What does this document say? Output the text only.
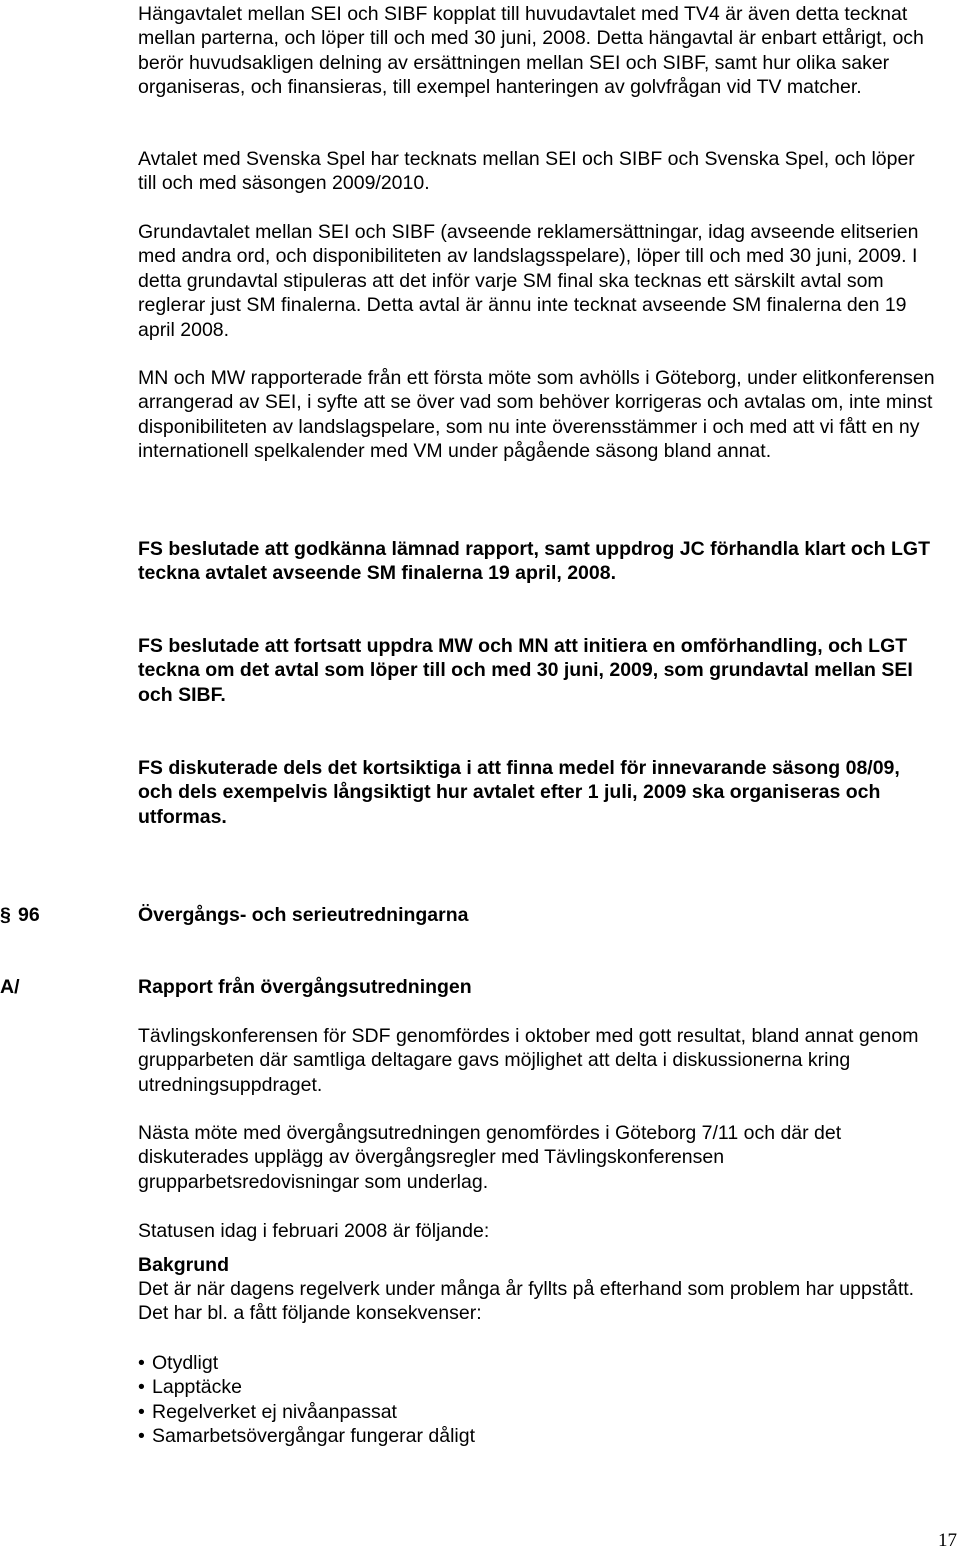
Hängavtalet mellan SEI och SIBF kopplat till huvudavtalet med TV4 är även detta tecknat mellan parterna, och löper till och med 30 juni, 2008. Detta hängavtal är enbart ettårigt, och berör huvudsakligen delning av ersättningen mellan SEI och SIBF, samt hur olika saker organiseras, och finansieras, till exempel hanteringen av golvfrågan vid TV matcher.

Avtalet med Svenska Spel har tecknats mellan SEI och SIBF och Svenska Spel, och löper till och med säsongen 2009/2010.

Grundavtalet mellan SEI och SIBF (avseende reklamersättningar, idag avseende elitserien med andra ord, och disponibiliteten av landslagsspelare), löper till och med 30 juni, 2009. I detta grundavtal stipuleras att det inför varje SM final ska tecknas ett särskilt avtal som reglerar just SM finalerna. Detta avtal är ännu inte tecknat avseende SM finalerna den 19 april 2008.

MN och MW rapporterade från ett första möte som avhölls i Göteborg, under elitkonferensen arrangerad av SEI, i syfte att se över vad som behöver korrigeras och avtalas om, inte minst disponibiliteten av landslagspelare, som nu inte överensstämmer i och med att vi fått en ny internationell spelkalender med VM under pågående säsong bland annat.

FS beslutade att godkänna lämnad rapport, samt uppdrog JC förhandla klart och LGT teckna avtalet avseende SM finalerna 19 april, 2008.

FS beslutade att fortsatt uppdra MW och MN att initiera en omförhandling, och LGT teckna om det avtal som löper till och med 30 juni, 2009, som grundavtal mellan SEI och SIBF.

FS diskuterade dels det kortsiktiga i att finna medel för innevarande säsong 08/09, och dels exempelvis långsiktigt hur avtalet efter 1 juli, 2009 ska organiseras och utformas.

§ 96	Övergångs- och serieutredningarna
A/	Rapport från övergångsutredningen

Tävlingskonferensen för SDF genomfördes i oktober med gott resultat, bland annat genom grupparbeten där samtliga deltagare gavs möjlighet att delta i diskussionerna kring utredningsuppdraget.

Nästa möte med övergångsutredningen genomfördes i Göteborg 7/11 och där det diskuterades upplägg av övergångsregler med Tävlingskonferensen grupparbetsredovisningar som underlag.

Statusen idag i februari 2008 är följande:

Bakgrund

Det är när dagens regelverk under många år fyllts på efterhand som problem har uppstått. Det har bl. a fått följande konsekvenser:

• Otydligt
• Lapptäcke
• Regelverket ej nivåanpassat
• Samarbetsövergångar fungerar dåligt
17
